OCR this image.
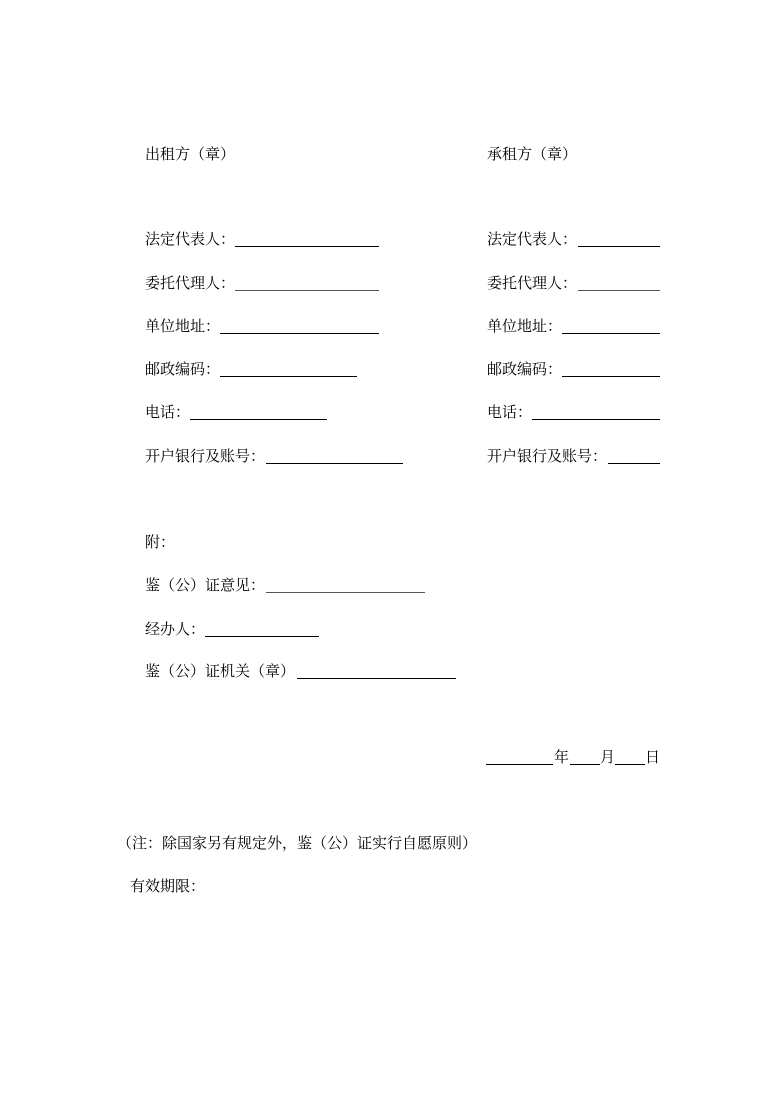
出租方（章）
法定代表人：
委托代理人：
单位地址：
邮政编码：
电话：
开户银行及账号：
承租方（章）
法定代表人：
委托代理人：
单位地址：
邮政编码：
电话：
开户银行及账号：
附：
鉴（公）证意见：
经办人：
鉴（公）证机关（章）
年 月 日
（注：除国家另有规定外，鉴（公）证实行自愿原则）
有效期限：
